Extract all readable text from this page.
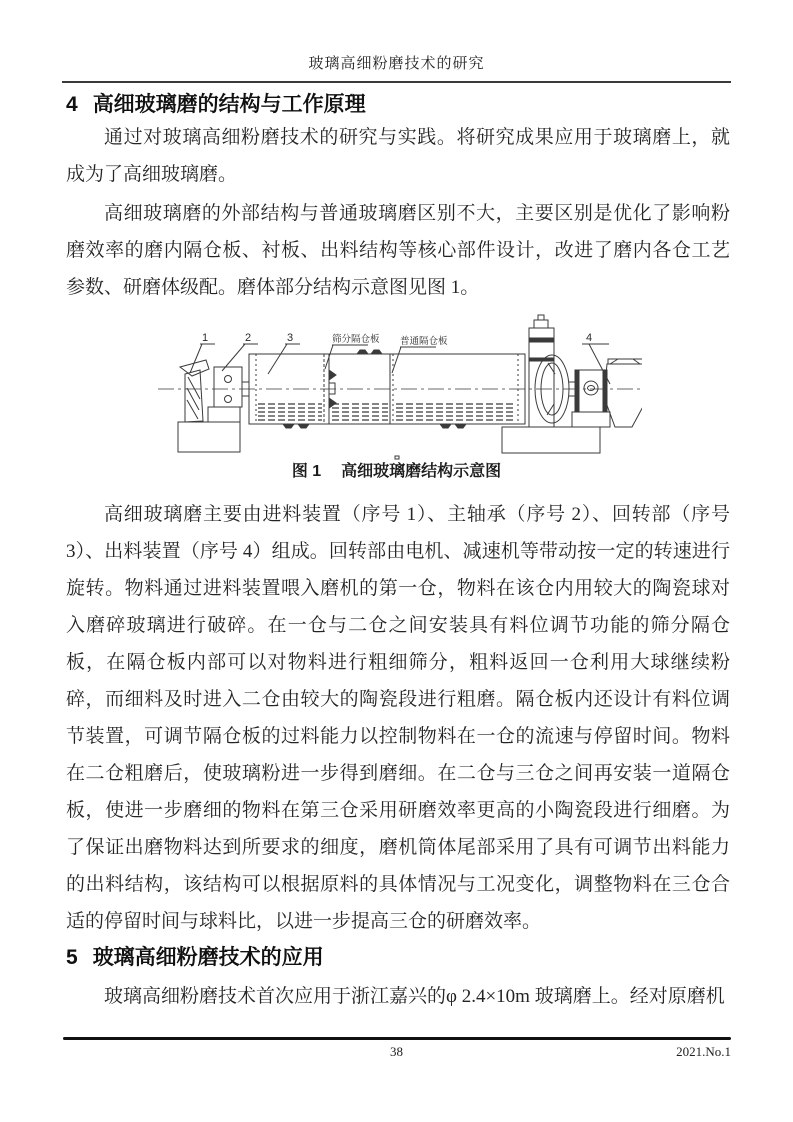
玻璃高细粉磨技术的研究
4 高细玻璃磨的结构与工作原理
通过对玻璃高细粉磨技术的研究与实践。将研究成果应用于玻璃磨上，就成为了高细玻璃磨。
高细玻璃磨的外部结构与普通玻璃磨区别不大，主要区别是优化了影响粉磨效率的磨内隔仓板、衬板、出料结构等核心部件设计，改进了磨内各仓工艺参数、研磨体级配。磨体部分结构示意图见图 1。
1	2	3	4
筛分隔仓板 普通隔仓板
图 1 高细玻璃磨结构示意图
高细玻璃磨主要由进料装置（序号 1）、主轴承（序号 2）、回转部（序号 3）、出料装置（序号 4）组成。回转部由电机、减速机等带动按一定的转速进行旋转。物料通过进料装置喂入磨机的第一仓，物料在该仓内用较大的陶瓷球对入磨碎玻璃进行破碎。在一仓与二仓之间安装具有料位调节功能的筛分隔仓板，在隔仓板内部可以对物料进行粗细筛分，粗料返回一仓利用大球继续粉碎，而细料及时进入二仓由较大的陶瓷段进行粗磨。隔仓板内还设计有料位调节装置，可调节隔仓板的过料能力以控制物料在一仓的流速与停留时间。物料在二仓粗磨后，使玻璃粉进一步得到磨细。在二仓与三仓之间再安装一道隔仓板，使进一步磨细的物料在第三仓采用研磨效率更高的小陶瓷段进行细磨。为了保证出磨物料达到所要求的细度，磨机筒体尾部采用了具有可调节出料能力的出料结构，该结构可以根据原料的具体情况与工况变化，调整物料在三仓合适的停留时间与球料比，以进一步提高三仓的研磨效率。
5 玻璃高细粉磨技术的应用
玻璃高细粉磨技术首次应用于浙江嘉兴的φ 2.4×10m 玻璃磨上。经对原磨机
38	2021.No.1
